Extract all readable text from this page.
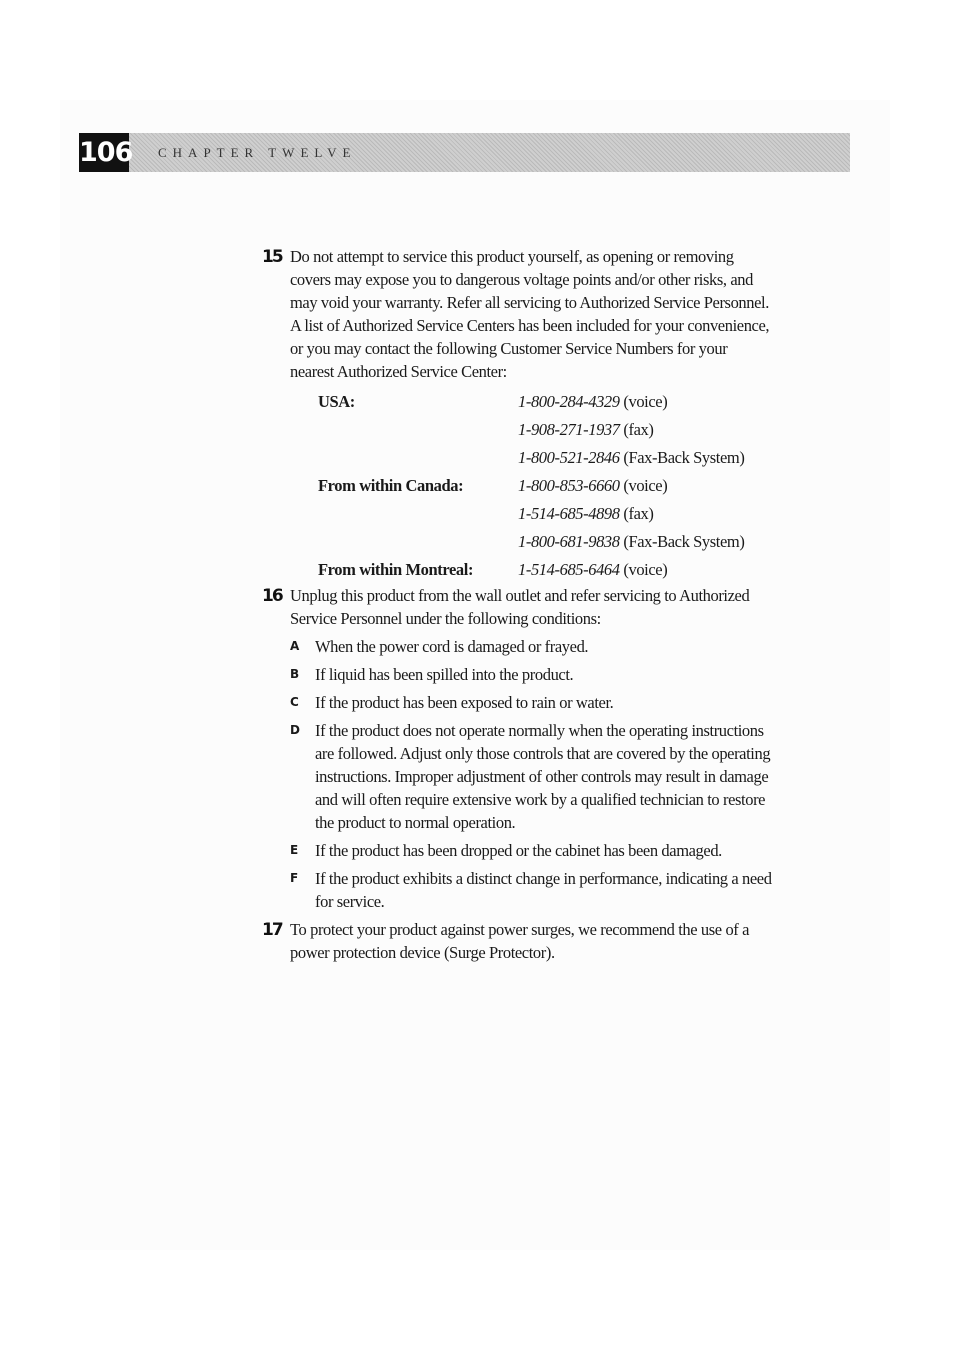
106 CHAPTER TWELVE
15 Do not attempt to service this product yourself, as opening or removing covers may expose you to dangerous voltage points and/or other risks, and may void your warranty. Refer all servicing to Authorized Service Personnel. A list of Authorized Service Centers has been included for your convenience, or you may contact the following Customer Service Numbers for your nearest Authorized Service Center:

USA:	1-800-284-4329 (voice)
1-908-271-1937 (fax)
1-800-521-2846 (Fax-Back System)
From within Canada:	1-800-853-6660 (voice)
1-514-685-4898 (fax)
1-800-681-9838 (Fax-Back System)
From within Montreal:	1-514-685-6464 (voice)
16 Unplug this product from the wall outlet and refer servicing to Authorized Service Personnel under the following conditions:

A When the power cord is damaged or frayed.

B If liquid has been spilled into the product.

C If the product has been exposed to rain or water.

D If the product does not operate normally when the operating instructions are followed. Adjust only those controls that are covered by the operating instructions. Improper adjustment of other controls may result in damage and will often require extensive work by a qualified technician to restore the product to normal operation.

E If the product has been dropped or the cabinet has been damaged.

F If the product exhibits a distinct change in performance, indicating a need for service.

17 To protect your product against power surges, we recommend the use of a power protection device (Surge Protector).
